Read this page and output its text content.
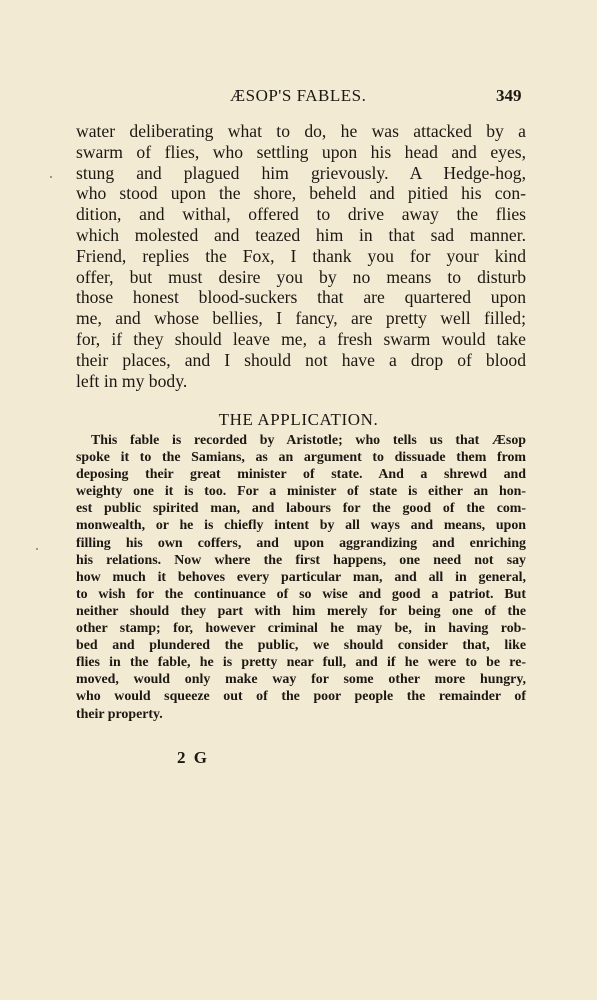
ÆSOP'S FABLES.	349
water deliberating what to do, he was attacked by a
swarm of flies, who settling upon his head and eyes,
stung and plagued him grievously. A Hedge-hog,
who stood upon the shore, beheld and pitied his con-
dition, and withal, offered to drive away the flies
which molested and teazed him in that sad manner.
Friend, replies the Fox, I thank you for your kind
offer, but must desire you by no means to disturb
those honest blood-suckers that are quartered upon
me, and whose bellies, I fancy, are pretty well filled;
for, if they should leave me, a fresh swarm would take
their places, and I should not have a drop of blood
left in my body.
THE APPLICATION.
This fable is recorded by Aristotle; who tells us that Æsop
spoke it to the Samians, as an argument to dissuade them from
deposing their great minister of state. And a shrewd and
weighty one it is too. For a minister of state is either an hon-
est public spirited man, and labours for the good of the com-
monwealth, or he is chiefly intent by all ways and means, upon
filling his own coffers, and upon aggrandizing and enriching
his relations. Now where the first happens, one need not say
how much it behoves every particular man, and all in general,
to wish for the continuance of so wise and good a patriot. But
neither should they part with him merely for being one of the
other stamp; for, however criminal he may be, in having rob-
bed and plundered the public, we should consider that, like
flies in the fable, he is pretty near full, and if he were to be re-
moved, would only make way for some other more hungry,
who would squeeze out of the poor people the remainder of
their property.
2 G
